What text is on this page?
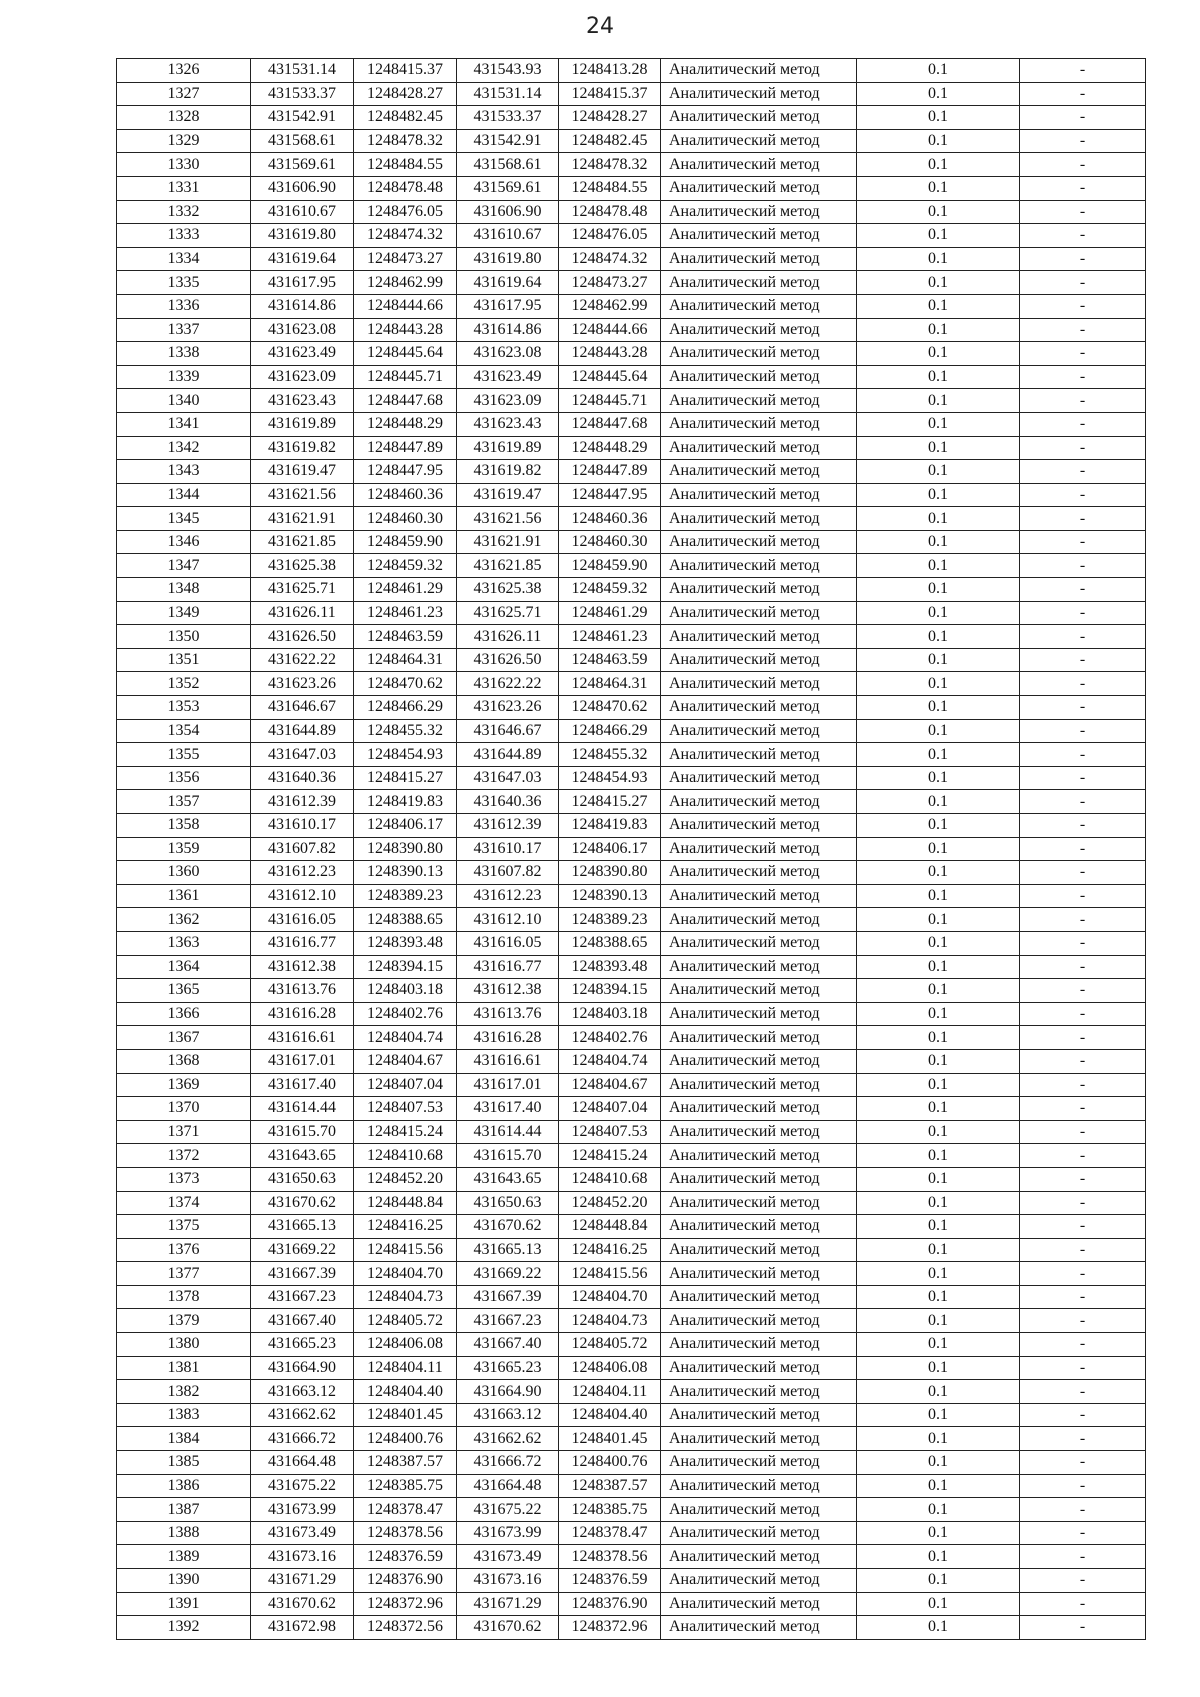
24
1326	431531.14	1248415.37	431543.93	1248413.28	Аналитический метод	0.1	-
1327	431533.37	1248428.27	431531.14	1248415.37	Аналитический метод	0.1	-
1328	431542.91	1248482.45	431533.37	1248428.27	Аналитический метод	0.1	-
1329	431568.61	1248478.32	431542.91	1248482.45	Аналитический метод	0.1	-
1330	431569.61	1248484.55	431568.61	1248478.32	Аналитический метод	0.1	-
1331	431606.90	1248478.48	431569.61	1248484.55	Аналитический метод	0.1	-
1332	431610.67	1248476.05	431606.90	1248478.48	Аналитический метод	0.1	-
1333	431619.80	1248474.32	431610.67	1248476.05	Аналитический метод	0.1	-
1334	431619.64	1248473.27	431619.80	1248474.32	Аналитический метод	0.1	-
1335	431617.95	1248462.99	431619.64	1248473.27	Аналитический метод	0.1	-
1336	431614.86	1248444.66	431617.95	1248462.99	Аналитический метод	0.1	-
1337	431623.08	1248443.28	431614.86	1248444.66	Аналитический метод	0.1	-
1338	431623.49	1248445.64	431623.08	1248443.28	Аналитический метод	0.1	-
1339	431623.09	1248445.71	431623.49	1248445.64	Аналитический метод	0.1	-
1340	431623.43	1248447.68	431623.09	1248445.71	Аналитический метод	0.1	-
1341	431619.89	1248448.29	431623.43	1248447.68	Аналитический метод	0.1	-
1342	431619.82	1248447.89	431619.89	1248448.29	Аналитический метод	0.1	-
1343	431619.47	1248447.95	431619.82	1248447.89	Аналитический метод	0.1	-
1344	431621.56	1248460.36	431619.47	1248447.95	Аналитический метод	0.1	-
1345	431621.91	1248460.30	431621.56	1248460.36	Аналитический метод	0.1	-
1346	431621.85	1248459.90	431621.91	1248460.30	Аналитический метод	0.1	-
1347	431625.38	1248459.32	431621.85	1248459.90	Аналитический метод	0.1	-
1348	431625.71	1248461.29	431625.38	1248459.32	Аналитический метод	0.1	-
1349	431626.11	1248461.23	431625.71	1248461.29	Аналитический метод	0.1	-
1350	431626.50	1248463.59	431626.11	1248461.23	Аналитический метод	0.1	-
1351	431622.22	1248464.31	431626.50	1248463.59	Аналитический метод	0.1	-
1352	431623.26	1248470.62	431622.22	1248464.31	Аналитический метод	0.1	-
1353	431646.67	1248466.29	431623.26	1248470.62	Аналитический метод	0.1	-
1354	431644.89	1248455.32	431646.67	1248466.29	Аналитический метод	0.1	-
1355	431647.03	1248454.93	431644.89	1248455.32	Аналитический метод	0.1	-
1356	431640.36	1248415.27	431647.03	1248454.93	Аналитический метод	0.1	-
1357	431612.39	1248419.83	431640.36	1248415.27	Аналитический метод	0.1	-
1358	431610.17	1248406.17	431612.39	1248419.83	Аналитический метод	0.1	-
1359	431607.82	1248390.80	431610.17	1248406.17	Аналитический метод	0.1	-
1360	431612.23	1248390.13	431607.82	1248390.80	Аналитический метод	0.1	-
1361	431612.10	1248389.23	431612.23	1248390.13	Аналитический метод	0.1	-
1362	431616.05	1248388.65	431612.10	1248389.23	Аналитический метод	0.1	-
1363	431616.77	1248393.48	431616.05	1248388.65	Аналитический метод	0.1	-
1364	431612.38	1248394.15	431616.77	1248393.48	Аналитический метод	0.1	-
1365	431613.76	1248403.18	431612.38	1248394.15	Аналитический метод	0.1	-
1366	431616.28	1248402.76	431613.76	1248403.18	Аналитический метод	0.1	-
1367	431616.61	1248404.74	431616.28	1248402.76	Аналитический метод	0.1	-
1368	431617.01	1248404.67	431616.61	1248404.74	Аналитический метод	0.1	-
1369	431617.40	1248407.04	431617.01	1248404.67	Аналитический метод	0.1	-
1370	431614.44	1248407.53	431617.40	1248407.04	Аналитический метод	0.1	-
1371	431615.70	1248415.24	431614.44	1248407.53	Аналитический метод	0.1	-
1372	431643.65	1248410.68	431615.70	1248415.24	Аналитический метод	0.1	-
1373	431650.63	1248452.20	431643.65	1248410.68	Аналитический метод	0.1	-
1374	431670.62	1248448.84	431650.63	1248452.20	Аналитический метод	0.1	-
1375	431665.13	1248416.25	431670.62	1248448.84	Аналитический метод	0.1	-
1376	431669.22	1248415.56	431665.13	1248416.25	Аналитический метод	0.1	-
1377	431667.39	1248404.70	431669.22	1248415.56	Аналитический метод	0.1	-
1378	431667.23	1248404.73	431667.39	1248404.70	Аналитический метод	0.1	-
1379	431667.40	1248405.72	431667.23	1248404.73	Аналитический метод	0.1	-
1380	431665.23	1248406.08	431667.40	1248405.72	Аналитический метод	0.1	-
1381	431664.90	1248404.11	431665.23	1248406.08	Аналитический метод	0.1	-
1382	431663.12	1248404.40	431664.90	1248404.11	Аналитический метод	0.1	-
1383	431662.62	1248401.45	431663.12	1248404.40	Аналитический метод	0.1	-
1384	431666.72	1248400.76	431662.62	1248401.45	Аналитический метод	0.1	-
1385	431664.48	1248387.57	431666.72	1248400.76	Аналитический метод	0.1	-
1386	431675.22	1248385.75	431664.48	1248387.57	Аналитический метод	0.1	-
1387	431673.99	1248378.47	431675.22	1248385.75	Аналитический метод	0.1	-
1388	431673.49	1248378.56	431673.99	1248378.47	Аналитический метод	0.1	-
1389	431673.16	1248376.59	431673.49	1248378.56	Аналитический метод	0.1	-
1390	431671.29	1248376.90	431673.16	1248376.59	Аналитический метод	0.1	-
1391	431670.62	1248372.96	431671.29	1248376.90	Аналитический метод	0.1	-
1392	431672.98	1248372.56	431670.62	1248372.96	Аналитический метод	0.1	-
